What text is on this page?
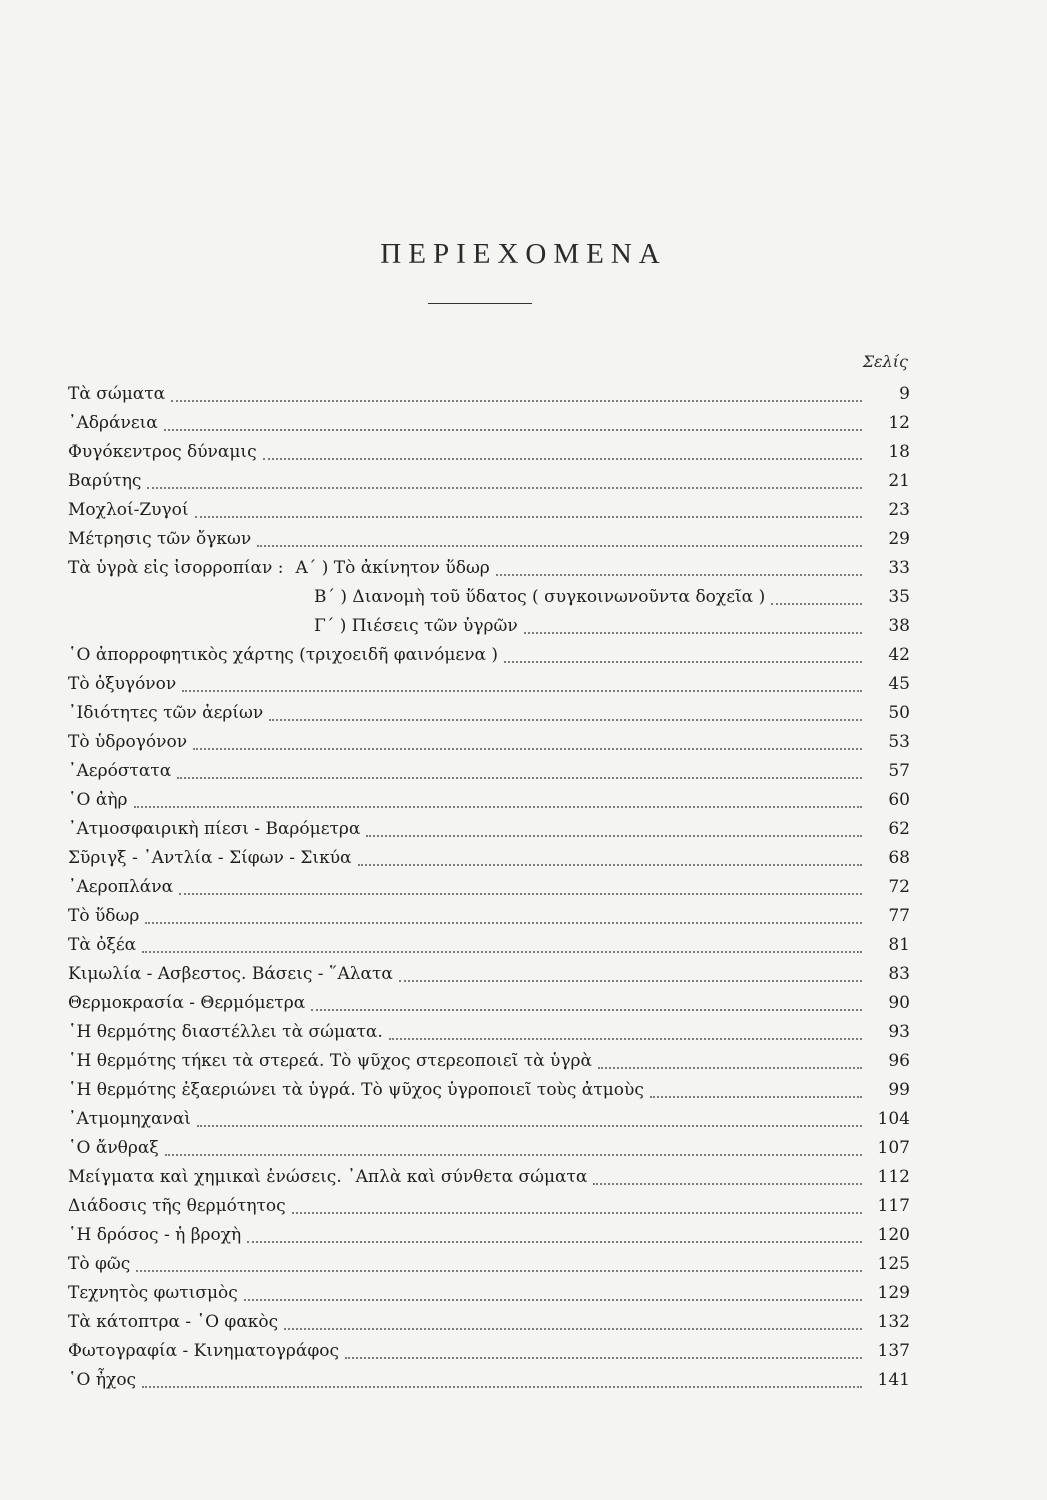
ΠΕΡΙΕΧΟΜΕΝΑ
Σελίς
Τὰ σώματα	9
᾿Αδράνεια	12
Φυγόκεντρος δύναμις	18
Βαρύτης	21
Μοχλοί-Ζυγοί	23
Μέτρησις τῶν ὄγκων	29
Τὰ ὑγρὰ εἰς ἰσορροπίαν : Α΄ ) Τὸ ἀκίνητον ὕδωρ	33
Β΄ ) Διανομὴ τοῦ ὕδατος ( συγκοινωνοῦντα δοχεῖα )	35
Γ΄ ) Πιέσεις τῶν ὑγρῶν	38
῾Ο ἀπορροφητικὸς χάρτης (τριχοειδῆ φαινόμενα )	42
Τὸ ὀξυγόνον	45
᾿Ιδιότητες τῶν ἀερίων	50
Τὸ ὑδρογόνον	53
᾿Αερόστατα	57
῾Ο ἀὴρ	60
᾿Ατμοσφαιρικὴ πίεσι - Βαρόμετρα	62
Σῦριγξ - ᾿Αντλία - Σίφων - Σικύα	68
᾿Αεροπλάνα	72
Τὸ ὕδωρ	77
Τὰ ὀξέα	81
Κιμωλία - Ασβεστος. Βάσεις - ῞Αλατα	83
Θερμοκρασία - Θερμόμετρα	90
῾Η θερμότης διαστέλλει τὰ σώματα.	93
῾Η θερμότης τήκει τὰ στερεά. Τὸ ψῦχος στερεοποιεῖ τὰ ὑγρὰ	96
῾Η θερμότης ἐξαεριώνει τὰ ὑγρά. Τὸ ψῦχος ὑγροποιεῖ τοὺς ἀτμοὺς	99
᾿Ατμομηχαναὶ	104
῾Ο ἄνθραξ	107
Μείγματα καὶ χημικαὶ ἑνώσεις. ᾿Απλὰ καὶ σύνθετα σώματα	112
Διάδοσις τῆς θερμότητος	117
῾Η δρόσος - ἡ βροχὴ	120
Τὸ φῶς	125
Τεχνητὸς φωτισμὸς	129
Τὰ κάτοπτρα - ῾Ο φακὸς	132
Φωτογραφία - Κινηματογράφος	137
῾Ο ἦχος	141
